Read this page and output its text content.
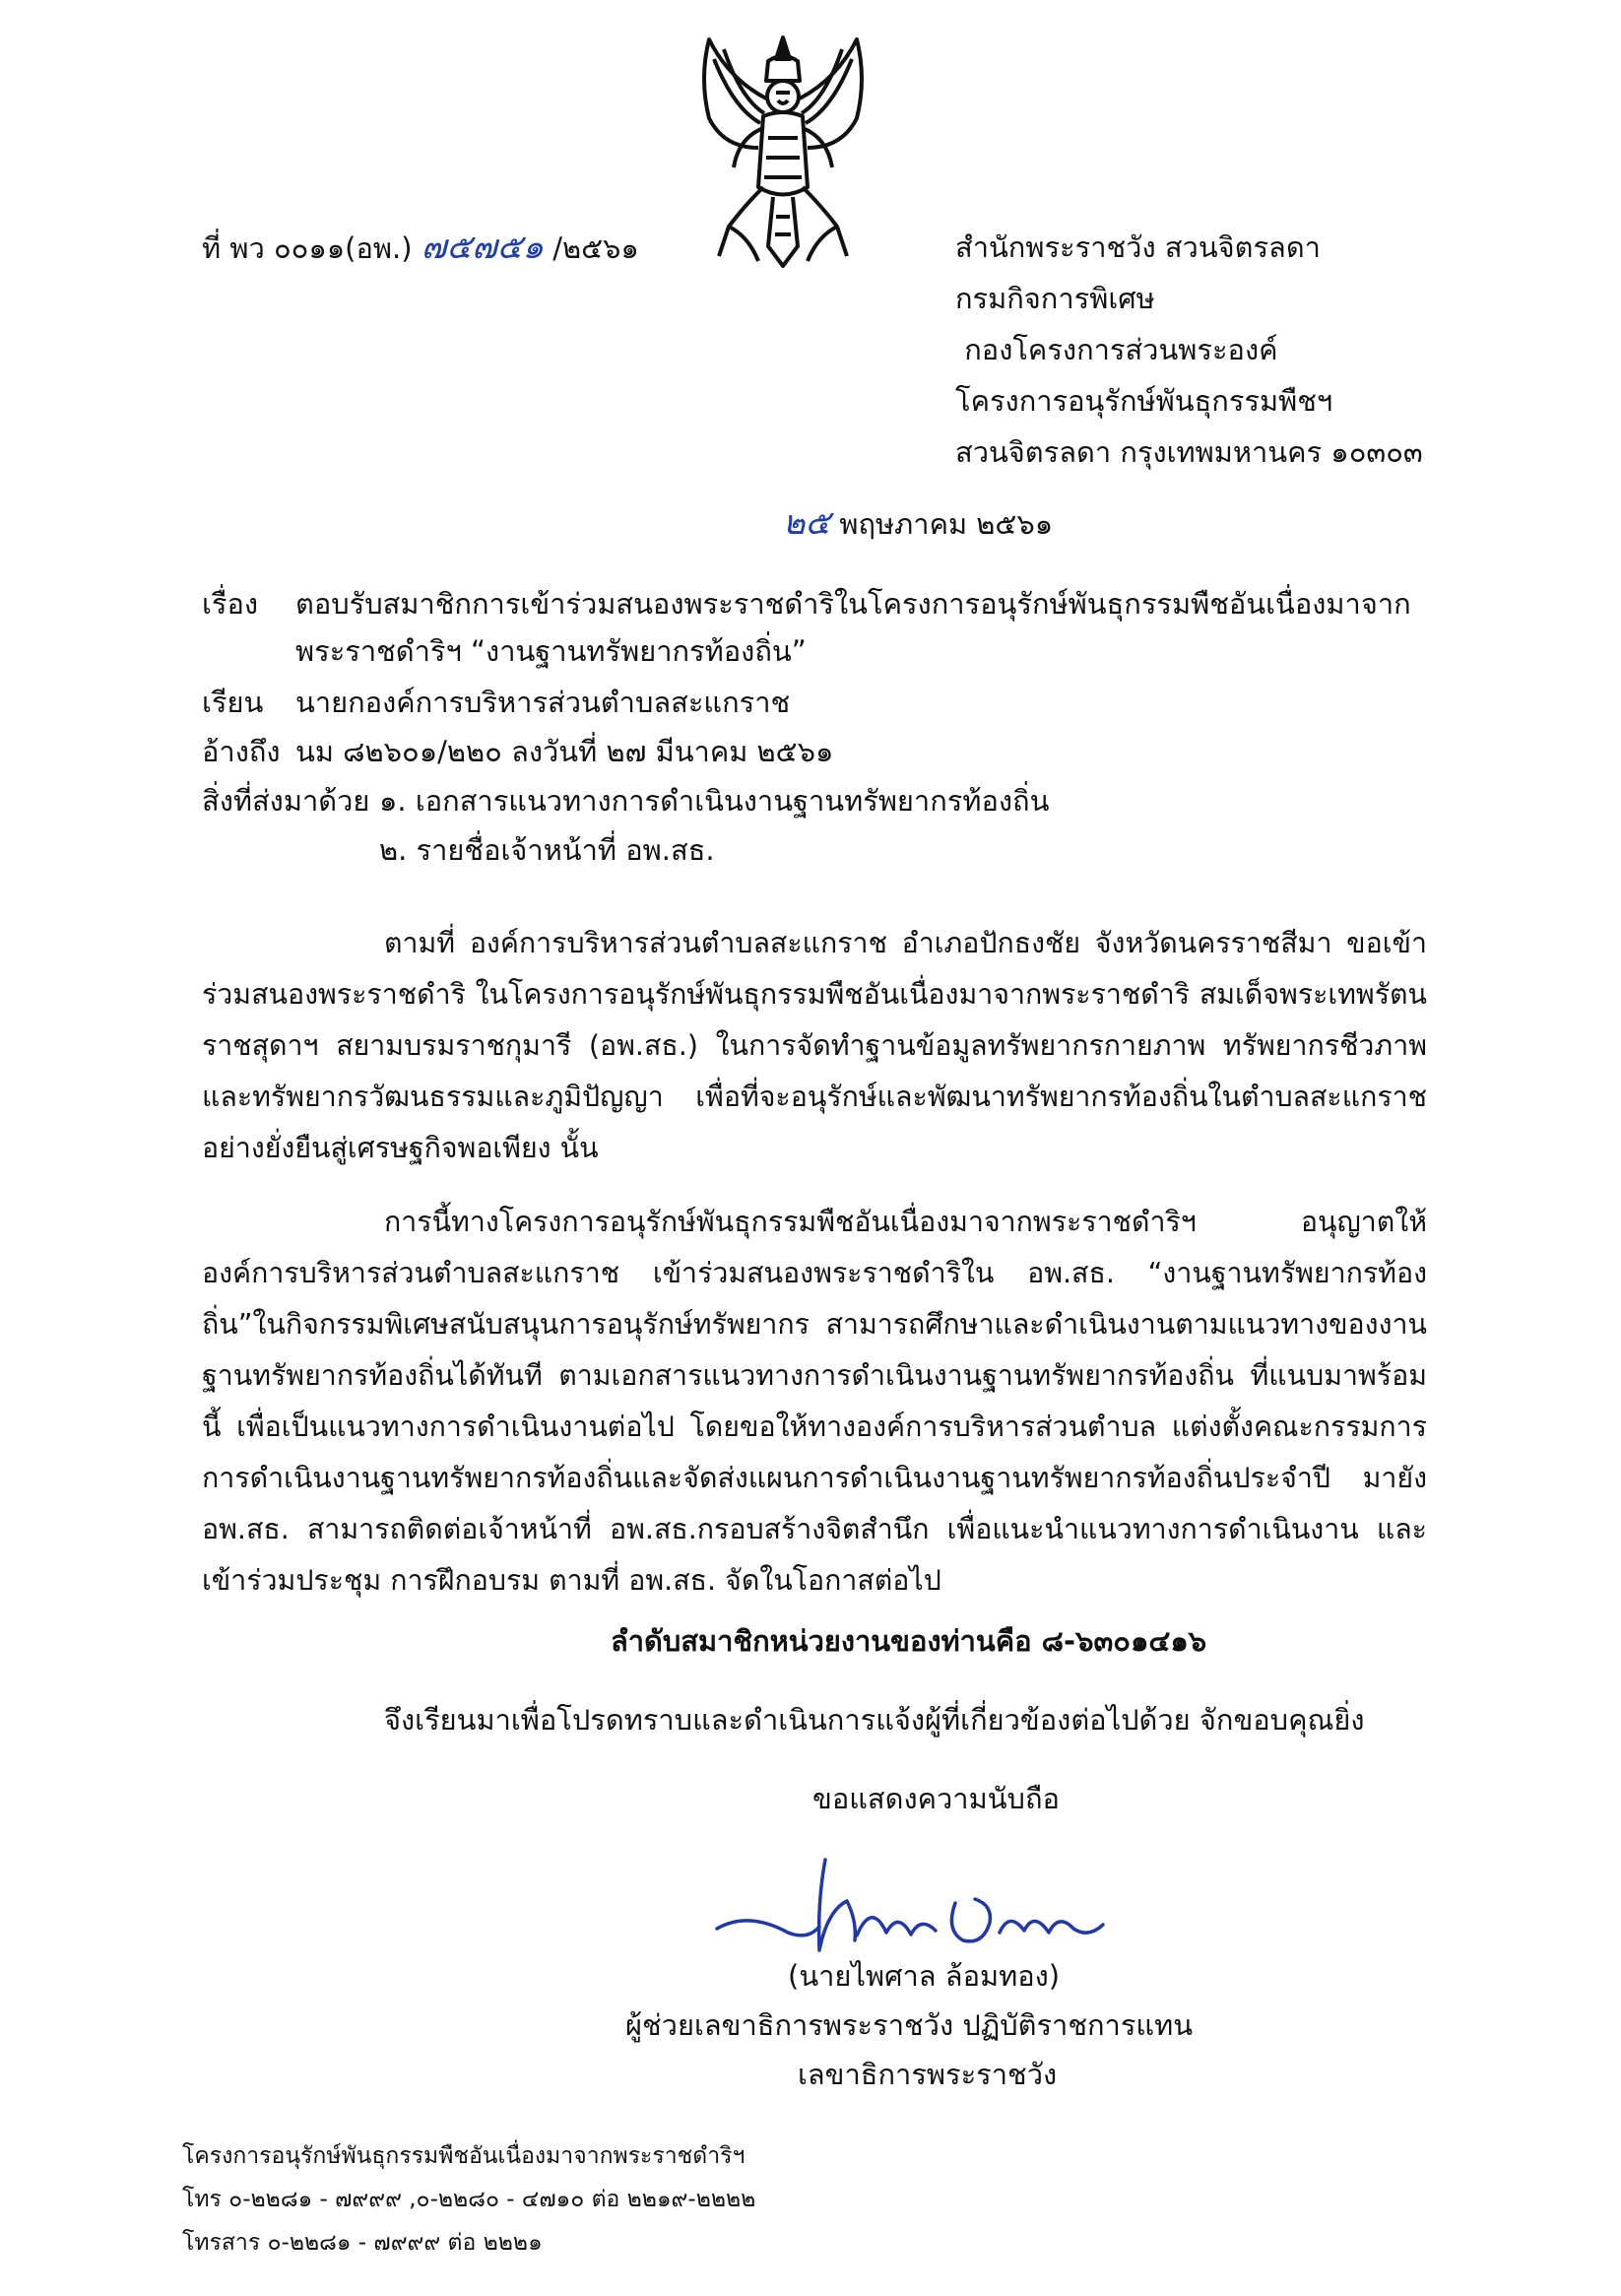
ที่ พว ๐๐๑๑(อพ.) ๗๕๗๕๑ /๒๕๖๑	สำนักพระราชวัง สวนจิตรลดา
กรมกิจการพิเศษ
กองโครงการส่วนพระองค์
โครงการอนุรักษ์พันธุกรรมพืชฯ
สวนจิตรลดา กรุงเทพมหานคร ๑๐๓๐๓
๒๕ พฤษภาคม ๒๕๖๑
เรื่อง ตอบรับสมาชิกการเข้าร่วมสนองพระราชดำริในโครงการอนุรักษ์พันธุกรรมพืชอันเนื่องมาจาก
พระราชดำริฯ “งานฐานทรัพยากรท้องถิ่น”
เรียน นายกองค์การบริหารส่วนตำบลสะแกราช
อ้างถึง นม ๘๒๖๐๑/๒๒๐ ลงวันที่ ๒๗ มีนาคม ๒๕๖๑
สิ่งที่ส่งมาด้วย ๑. เอกสารแนวทางการดำเนินงานฐานทรัพยากรท้องถิ่น
๒. รายชื่อเจ้าหน้าที่ อพ.สธ.
ตามที่ องค์การบริหารส่วนตำบลสะแกราช อำเภอปักธงชัย จังหวัดนครราชสีมา ขอเข้าร่วมสนองพระราชดำริ ในโครงการอนุรักษ์พันธุกรรมพืชอันเนื่องมาจากพระราชดำริ สมเด็จพระเทพรัตนราชสุดาฯ สยามบรมราชกุมารี (อพ.สธ.) ในการจัดทำฐานข้อมูลทรัพยากรกายภาพ ทรัพยากรชีวภาพ และทรัพยากรวัฒนธรรมและภูมิปัญญา เพื่อที่จะอนุรักษ์และพัฒนาทรัพยากรท้องถิ่นในตำบลสะแกราช อย่างยั่งยืนสู่เศรษฐกิจพอเพียง นั้น
การนี้ทางโครงการอนุรักษ์พันธุกรรมพืชอันเนื่องมาจากพระราชดำริฯ อนุญาตให้องค์การบริหารส่วนตำบลสะแกราช เข้าร่วมสนองพระราชดำริใน อพ.สธ. “งานฐานทรัพยากรท้องถิ่น”ในกิจกรรมพิเศษสนับสนุนการอนุรักษ์ทรัพยากร สามารถศึกษาและดำเนินงานตามแนวทางของงานฐานทรัพยากรท้องถิ่นได้ทันที ตามเอกสารแนวทางการดำเนินงานฐานทรัพยากรท้องถิ่น ที่แนบมาพร้อมนี้ เพื่อเป็นแนวทางการดำเนินงานต่อไป โดยขอให้ทางองค์การบริหารส่วนตำบล แต่งตั้งคณะกรรมการการดำเนินงานฐานทรัพยากรท้องถิ่นและจัดส่งแผนการดำเนินงานฐานทรัพยากรท้องถิ่นประจำปี มายัง อพ.สธ. สามารถติดต่อเจ้าหน้าที่ อพ.สธ.กรอบสร้างจิตสำนึก เพื่อแนะนำแนวทางการดำเนินงาน และเข้าร่วมประชุม การฝึกอบรม ตามที่ อพ.สธ. จัดในโอกาสต่อไป
ลำดับสมาชิกหน่วยงานของท่านคือ ๘-๖๓๐๑๔๑๖
จึงเรียนมาเพื่อโปรดทราบและดำเนินการแจ้งผู้ที่เกี่ยวข้องต่อไปด้วย จักขอบคุณยิ่ง
ขอแสดงความนับถือ
(นายไพศาล ล้อมทอง)
ผู้ช่วยเลขาธิการพระราชวัง ปฏิบัติราชการแทน
เลขาธิการพระราชวัง
โครงการอนุรักษ์พันธุกรรมพืชอันเนื่องมาจากพระราชดำริฯ
โทร ๐-๒๒๘๑ - ๗๙๙๙ ,๐-๒๒๘๐ - ๔๗๑๐ ต่อ ๒๒๑๙-๒๒๒๒
โทรสาร ๐-๒๒๘๑ - ๗๙๙๙ ต่อ ๒๒๒๑
